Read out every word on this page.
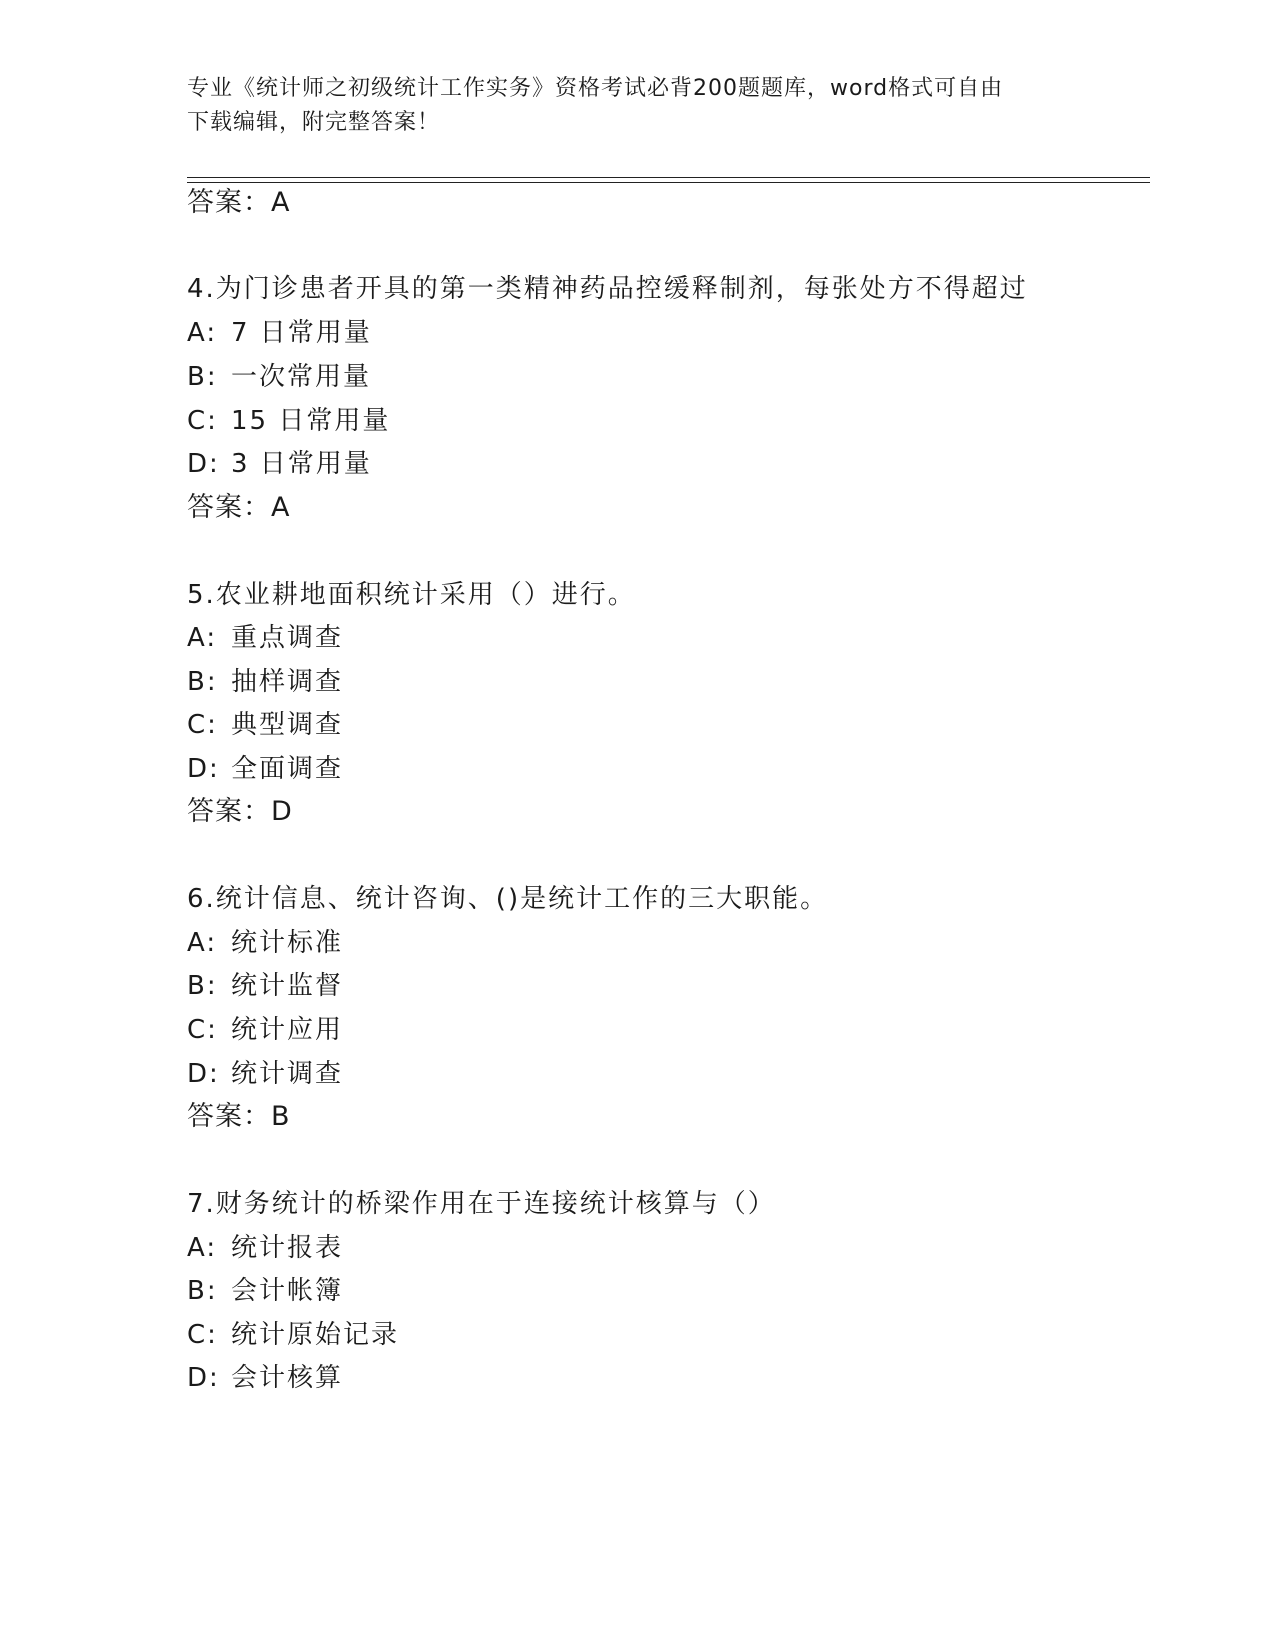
专业《统计师之初级统计工作实务》资格考试必背200题题库，word格式可自由
下载编辑，附完整答案！
答案：A
4.为门诊患者开具的第一类精神药品控缓释制剂，每张处方不得超过
A: 7 日常用量
B: 一次常用量
C: 15 日常用量
D: 3 日常用量
答案：A
5.农业耕地面积统计采用（）进行。
A: 重点调查
B: 抽样调查
C: 典型调查
D: 全面调查
答案：D
6.统计信息、统计咨询、()是统计工作的三大职能。
A: 统计标准
B: 统计监督
C: 统计应用
D: 统计调查
答案：B
7.财务统计的桥梁作用在于连接统计核算与（）
A: 统计报表
B: 会计帐簿
C: 统计原始记录
D: 会计核算
